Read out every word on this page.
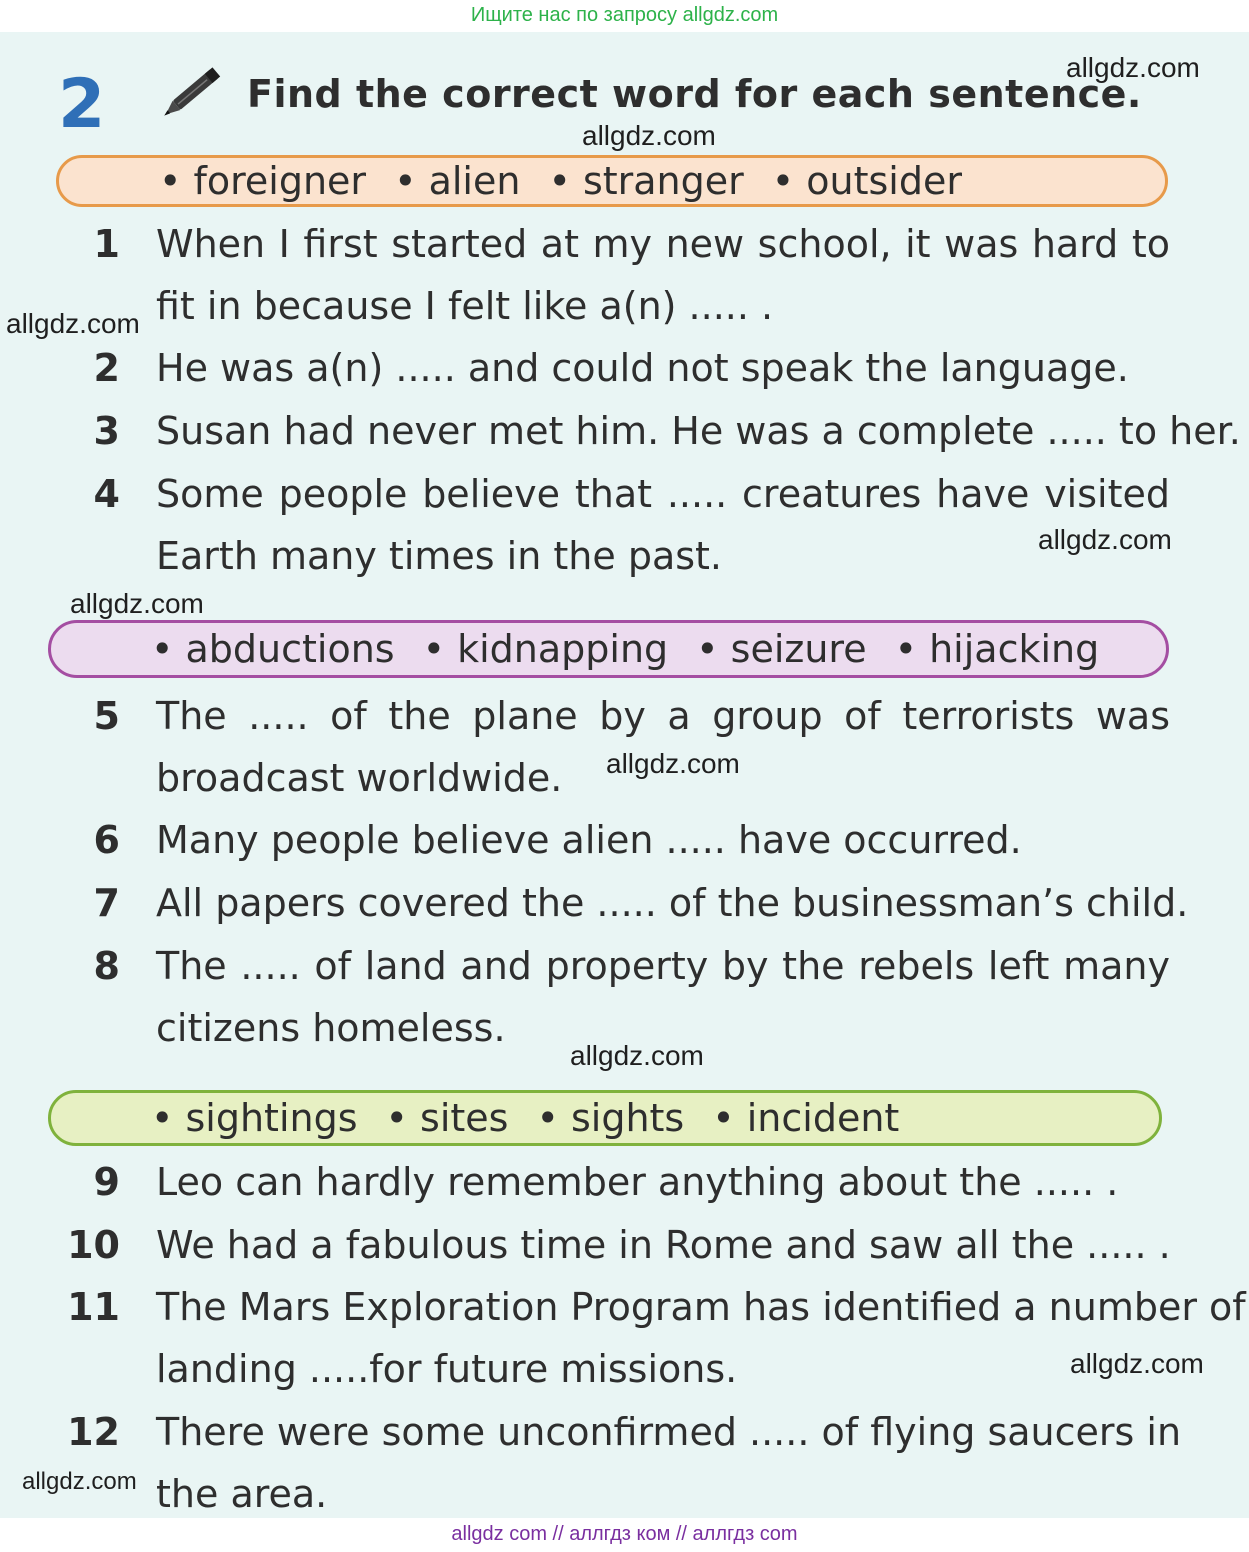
Ищите нас по запросу allgdz.com
2	Find the correct word for each sentence.
• foreigner	• alien	• stranger	• outsider
1 When I first started at my new school, it was hard to
fit in because I felt like a(n) ..... .
2 He was a(n) ..... and could not speak the language.
3 Susan had never met him. He was a complete ..... to her.
4 Some people believe that ..... creatures have visited
Earth many times in the past.
• abductions	• kidnapping	• seizure	• hijacking
5 The ..... of the plane by a group of terrorists was
broadcast worldwide.
6 Many people believe alien ..... have occurred.
7 All papers covered the ..... of the businessman’s child.
8 The ..... of land and property by the rebels left many
citizens homeless.
• sightings	• sites	• sights	• incident
9 Leo can hardly remember anything about the ..... .
10 We had a fabulous time in Rome and saw all the ..... .
11 The Mars Exploration Program has identified a number of
landing .....for future missions.
12 There were some unconfirmed ..... of flying saucers in
the area.
allgdz.com
allgdz.com
allgdz.com
allgdz.com
allgdz.com
allgdz.com
allgdz.com
allgdz.com
allgdz.com
allgdz com // аллгдз ком // аллгдз com
